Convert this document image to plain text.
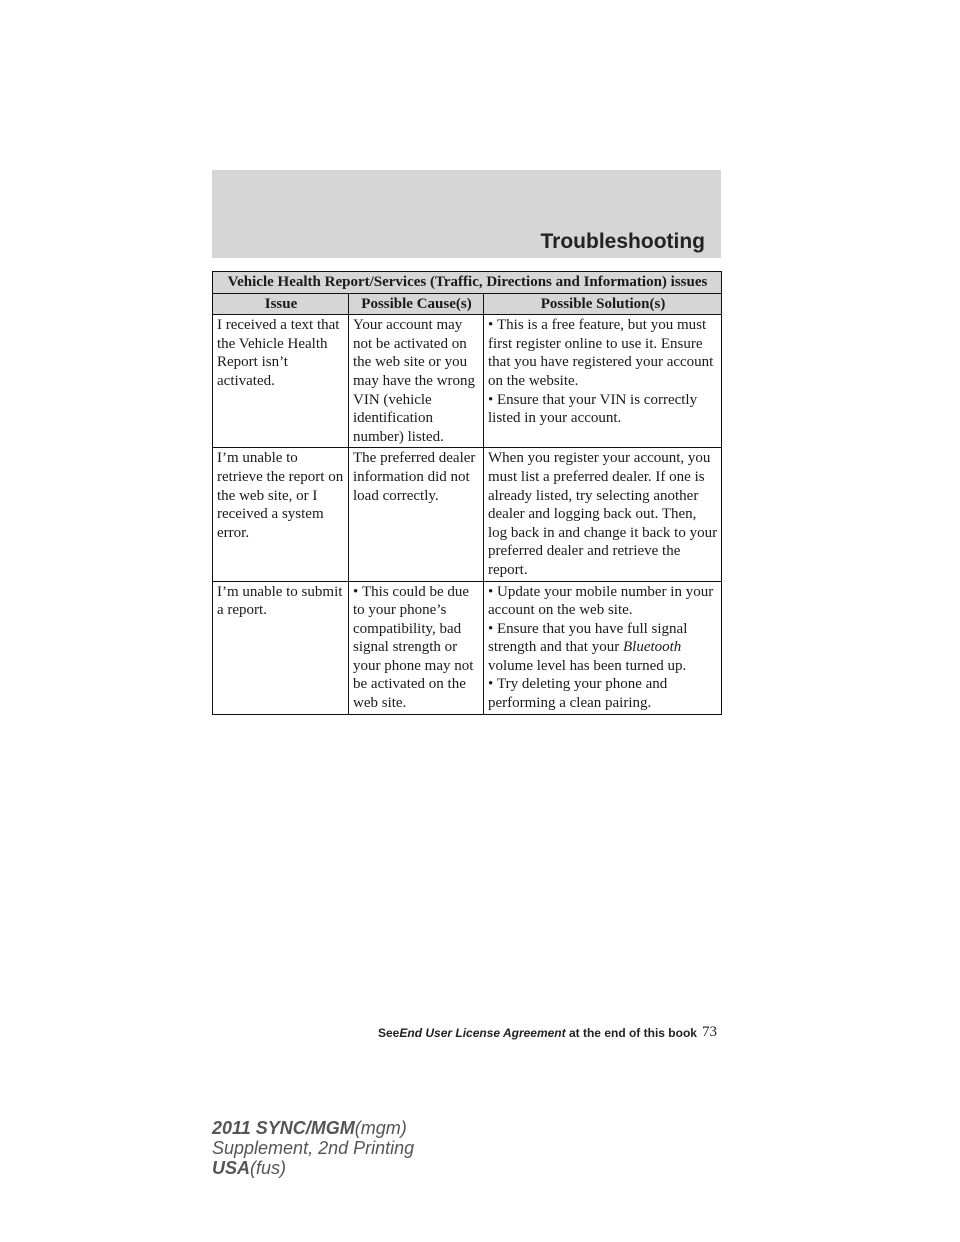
Troubleshooting
Vehicle Health Report/Services (Traffic, Directions and Information) issues		
Issue	Possible Cause(s)	Possible Solution(s)
I received a text that the Vehicle Health Report isn’t activated.	Your account may not be activated on the web site or you may have the wrong VIN (vehicle identification number) listed.	• This is a free feature, but you must first register online to use it. Ensure that you have registered your account on the website.
• Ensure that your VIN is correctly listed in your account.

I’m unable to retrieve the report on the web site, or I received a system error.	The preferred dealer information did not load correctly.	When you register your account, you must list a preferred dealer. If one is already listed, try selecting another dealer and logging back out. Then, log back in and change it back to your preferred dealer and retrieve the report.
I’m unable to submit a report.	• This could be due to your phone’s compatibility, bad signal strength or your phone may not be activated on the web site.	• Update your mobile number in your account on the web site.
• Ensure that you have full signal strength and that your Bluetooth volume level has been turned up.
• Try deleting your phone and performing a clean pairing.
SeeEnd User License Agreement at the end of this book 73
2011 SYNC/MGM(mgm)
Supplement, 2nd Printing
USA(fus)
